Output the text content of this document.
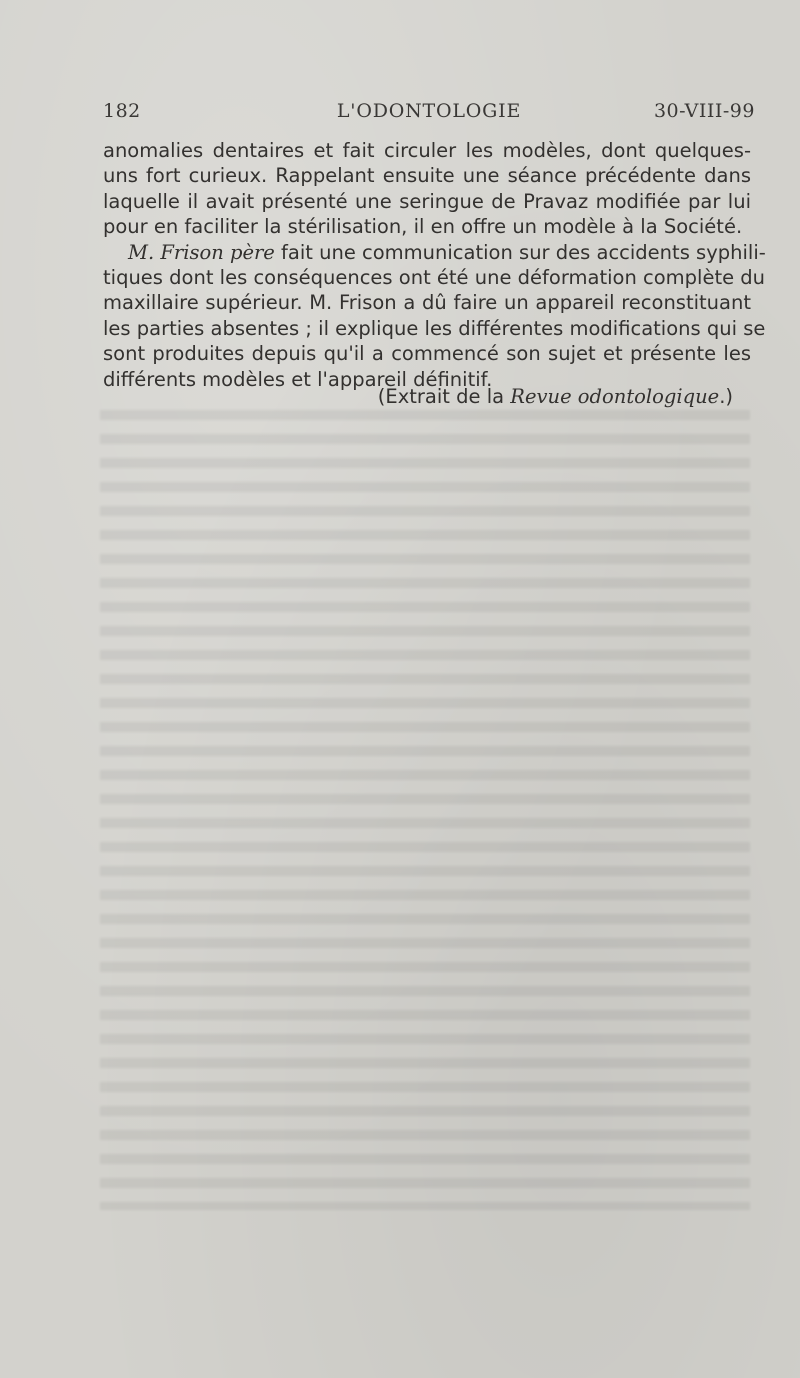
182	L'ODONTOLOGIE	30-VIII-99
anomalies dentaires et fait circuler les modèles, dont quelques-
uns fort curieux. Rappelant ensuite une séance précédente dans
laquelle il avait présenté une seringue de Pravaz modifiée par lui
pour en faciliter la stérilisation, il en offre un modèle à la Société.
M. Frison père fait une communication sur des accidents syphili-
tiques dont les conséquences ont été une déformation complète du
maxillaire supérieur. M. Frison a dû faire un appareil reconstituant
les parties absentes ; il explique les différentes modifications qui se
sont produites depuis qu'il a commencé son sujet et présente les
différents modèles et l'appareil définitif.
(Extrait de la Revue odontologique.)
